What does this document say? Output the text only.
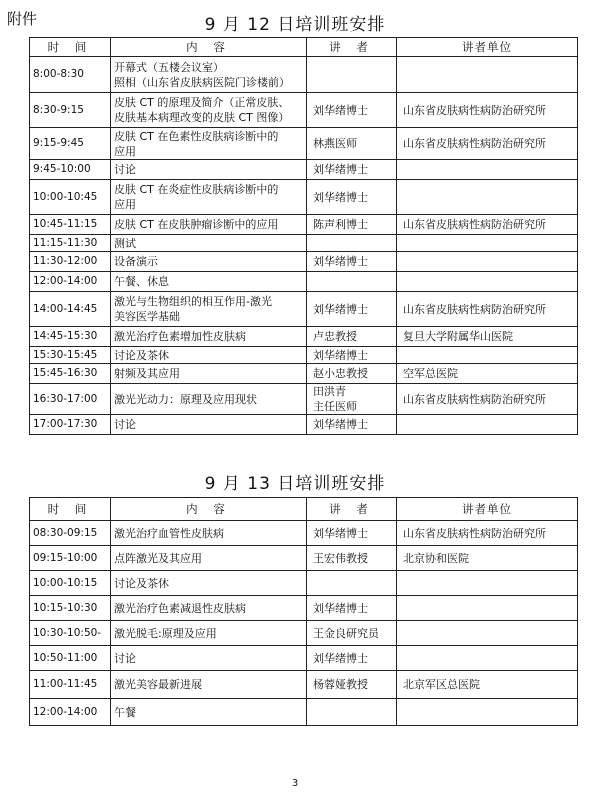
附件	9 月 12 日培训班安排
时 间	内 容	讲 者	讲者单位
8:00-8:30	开幕式（五楼会议室）
照相（山东省皮肤病医院门诊楼前）		
8:30-9:15	皮肤 CT 的原理及简介（正常皮肤、
皮肤基本病理改变的皮肤 CT 图像）	刘华绪博士	山东省皮肤病性病防治研究所
9:15-9:45	皮肤 CT 在色素性皮肤病诊断中的
应用	林燕医师	山东省皮肤病性病防治研究所
9:45-10:00	讨论	刘华绪博士	
10:00-10:45	皮肤 CT 在炎症性皮肤病诊断中的
应用	刘华绪博士	
10:45-11:15	皮肤 CT 在皮肤肿瘤诊断中的应用	陈声利博士	山东省皮肤病性病防治研究所
11:15-11:30	测试		
11:30-12:00	设备演示	刘华绪博士	
12:00-14:00	午餐、休息		
14:00-14:45	激光与生物组织的相互作用-激光
美容医学基础	刘华绪博士	山东省皮肤病性病防治研究所
14:45-15:30	激光治疗色素增加性皮肤病	卢忠教授	复旦大学附属华山医院
15:30-15:45	讨论及茶休	刘华绪博士	
15:45-16:30	射频及其应用	赵小忠教授	空军总医院
16:30-17:00	激光光动力：原理及应用现状	田洪青
主任医师	山东省皮肤病性病防治研究所
17:00-17:30	讨论	刘华绪博士	
9 月 13 日培训班安排
时 间	内 容	讲 者	讲者单位
08:30-09:15	激光治疗血管性皮肤病	刘华绪博士	山东省皮肤病性病防治研究所
09:15-10:00	点阵激光及其应用	王宏伟教授	北京协和医院
10:00-10:15	讨论及茶休		
10:15-10:30	激光治疗色素减退性皮肤病	刘华绪博士	
10:30-10:50-	激光脱毛:原理及应用	王金良研究员	
10:50-11:00	讨论	刘华绪博士	
11:00-11:45	激光美容最新进展	杨蓉娅教授	北京军区总医院
12:00-14:00	午餐		
3
